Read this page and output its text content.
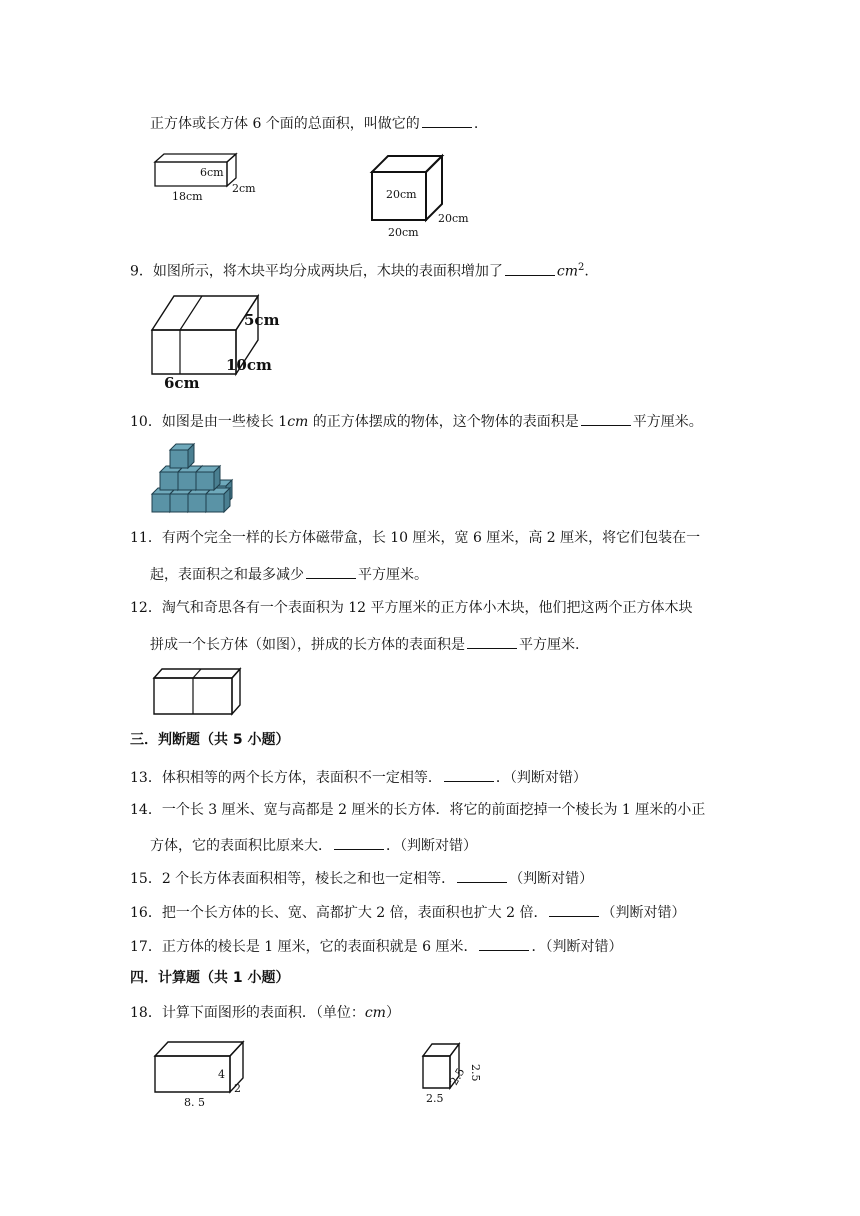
正方体或长方体 6 个面的总面积，叫做它的	.
6cm
2cm
18cm	20cm
20cm
20cm
9．如图所示，将木块平均分成两块后，木块的表面积增加了	$cm^2$.
5cm
10cm
6cm
10．如图是由一些棱长 1cm 的正方体摆成的物体，这个物体的表面积是	平方厘米。
11．有两个完全一样的长方体磁带盒，长 10 厘米，宽 6 厘米，高 2 厘米，将它们包装在一
起，表面积之和最多减少	平方厘米。
12．淘气和奇思各有一个表面积为 12 平方厘米的正方体小木块，他们把这两个正方体木块
拼成一个长方体（如图），拼成的长方体的表面积是	平方厘米.
三．判断题（共 5 小题）
13．体积相等的两个长方体，表面积不一定相等．	．（判断对错）
14．一个长 3 厘米、宽与高都是 2 厘米的长方体．将它的前面挖掉一个棱长为 1 厘米的小正
方体，它的表面积比原来大．	．（判断对错）
15．2 个长方体表面积相等，棱长之和也一定相等．	（判断对错）
16．把一个长方体的长、宽、高都扩大 2 倍，表面积也扩大 2 倍．	（判断对错）
17．正方体的棱长是 1 厘米，它的表面积就是 6 厘米．	．（判断对错）
四．计算题（共 1 小题）
18．计算下面图形的表面积．（单位：cm）
4
2
8. 5
2.5
2.5
2.5
